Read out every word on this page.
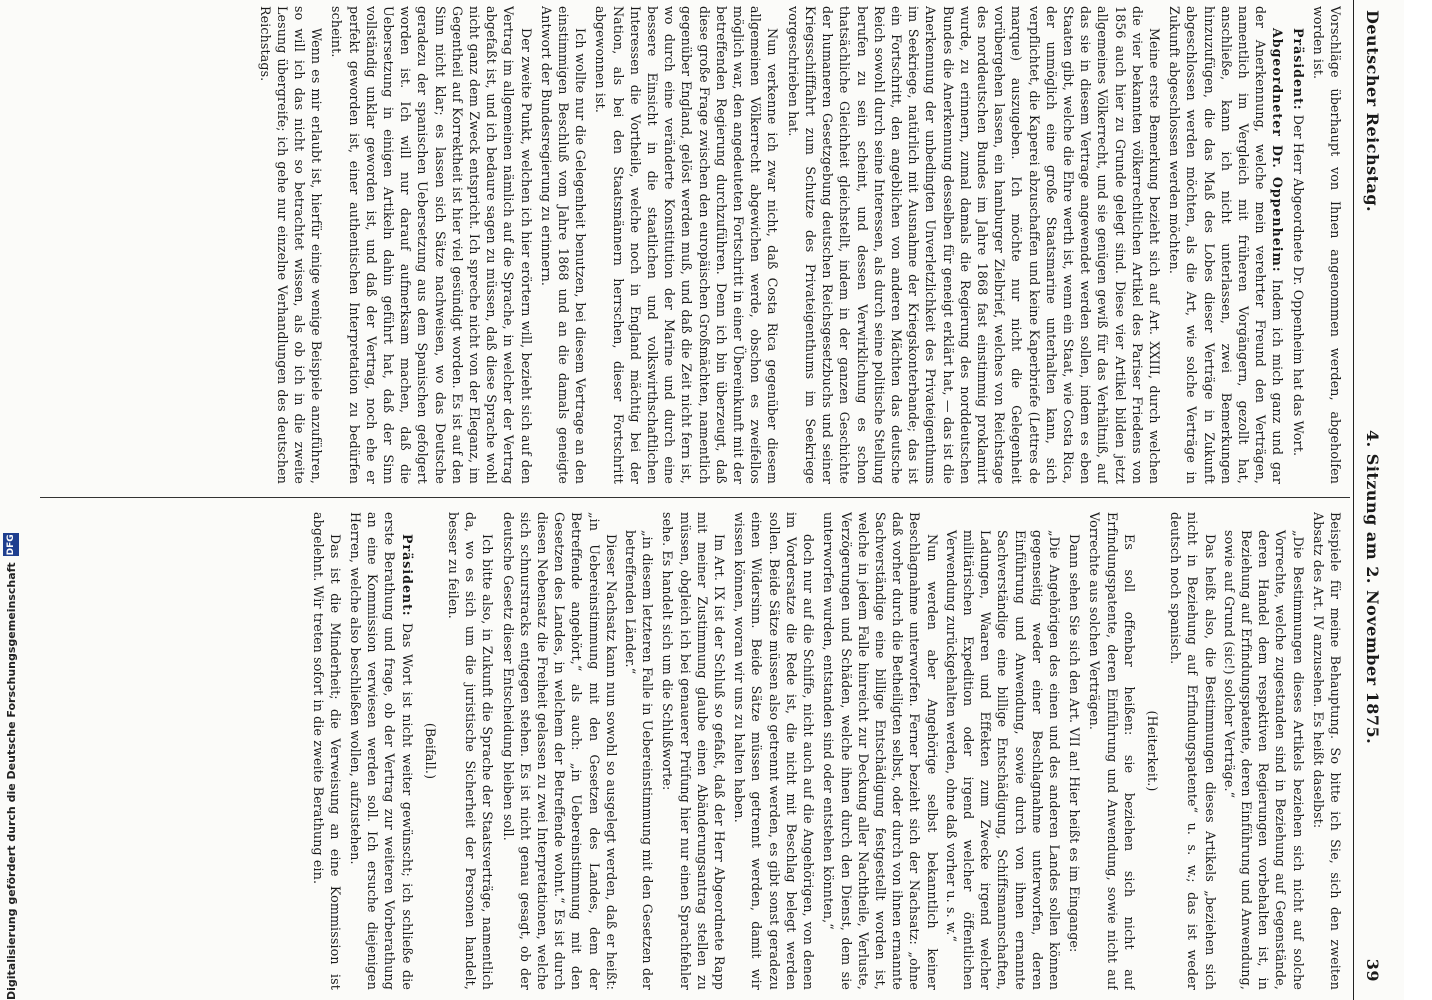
Deutscher Reichstag.
4. Sitzung am 2. November 1875.
39

Vorschläge überhaupt von Ihnen angenommen werden, abgeholfen worden ist.

Präsident: Der Herr Abgeordnete Dr. Oppenheim hat das Wort.

Abgeordneter Dr. Oppenheim: Indem ich mich ganz und gar der Anerkennung, welche mein verehrter Freund den Verträgen, namentlich im Vergleich mit früheren Vorgängern, gezollt hat, anschließe, kann ich nicht unterlassen, zwei Bemerkungen hinzuzufügen, die das Maß des Lobes dieser Verträge in Zukunft abgeschlossen werden möchten, als die Art, wie solche Verträge in Zukunft abgeschlossen werden möchten.

Meine erste Bemerkung bezieht sich auf Art. XXIII, durch welchen die vier bekannten völkerrechtlichen Artikel des Pariser Friedens von 1856 auch hier zu Grunde gelegt sind. Diese vier Artikel bilden jetzt allgemeines Völkerrecht, und sie genügen gewiß für das Verhältniß, auf das sie in diesem Vertrage angewendet werden sollen, indem es eben Staaten gibt, welche die Ehre werth ist, wenn ein Staat, wie Costa Rica, der unmöglich eine große Staatsmarine unterhalten kann, sich verpflichtet, die Kaperei abzuschaffen und keine Kaperbriefe (Lettres de marque) auszugeben. Ich möchte nur nicht die Gelegenheit vorübergehen lassen, ein hamburger Zielbrief, welches von Reichstage des norddeutschen Bundes im Jahre 1868 fast einstimmig proklamirt wurde, zu erinnern, zumal damals die Regierung des norddeutschen Bundes die Anerkennung desselben für geneigt erklärt hat, — das ist die Anerkennung der unbedingten Unverletzlichkeit des Privateigenthums im Seekriege, natürlich mit Ausnahme der Kriegskonterbande; das ist ein Fortschritt, den angeblichen von anderen Mächten das deutsche Reich sowohl durch seine Interessen, als durch seine politische Stellung berufen zu sein scheint, und dessen Verwirklichung es schon thatsächliche Gleichheit gleichstellt, indem in der ganzen Geschichte der humaneren Gesetzgebung deutschen Reichsgesetzbuchs und seiner Kriegsschifffahrt zum Schutze des Privateigenthums im Seekriege vorgeschrieben hat.

Nun verkenne ich zwar nicht, daß Costa Rica gegenüber diesem allgemeinen Völkerrecht abgewichen werde, obschon es zweifellos möglich war, den angedeuteten Fortschritt in einer Übereinkunft mit der betreffenden Regierung durchzuführen. Denn ich bin überzeugt, daß diese große Frage zwischen den europäischen Großmächten, namentlich gegenüber England, gelöst werden muß, und daß die Zeit nicht fern ist, wo durch eine veränderte Konstitution der Marine und durch eine bessere Einsicht in die staatlichen und volkswirthschaftlichen Interessen die Vortheile, welche noch in England mächtig bei der Nation, als bei den Staatsmännern herrschen, dieser Fortschritt abgewonnen ist.

Ich wollte nur die Gelegenheit benutzen, bei diesem Vertrage an den einstimmigen Beschluß vom Jahre 1868 und an die damals geneigte Antwort der Bundesregierung zu erinnern.

Der zweite Punkt, welchen ich hier erörtern will, bezieht sich auf den Vertrag im allgemeinen nämlich auf die Sprache, in welcher der Vertrag abgefaßt ist, und ich bedaure sagen zu müssen, daß diese Sprache wohl nicht ganz dem Zweck entspricht. Ich spreche nicht von der Eleganz, im Gegentheil auf Korrektheit ist hier viel gesündigt worden. Es ist auf den Sinn nicht klar; es lassen sich Sätze nachweisen, wo das Deutsche geradezu der spanischen Uebersetzung aus dem Spanischen gefolgert worden ist. Ich will nur darauf aufmerksam machen, daß die Uebersetzung in einigen Artikeln dahin geführt hat, daß der Sinn vollständig unklar geworden ist, und daß der Vertrag, noch ehe er perfekt geworden ist, einer authentischen Interpretation zu bedürfen scheint.

Wenn es mir erlaubt ist, hierfür einige wenige Beispiele anzuführen, so will ich das nicht so betrachtet wissen, als ob ich in die zweite Lesung übergreife; ich gehe nur einzelne Verhandlungen des deutschen Reichstags.

Beispiele für meine Behauptung. So bitte ich Sie, sich den zweiten Absatz des Art. IV anzusehen. Es heißt daselbst:

„Die Bestimmungen dieses Artikels beziehen sich nicht auf solche Vorrechte, welche zugestanden sind in Beziehung auf Gegenstände, deren Handel dem respektiven Regierungen vorbehalten ist, in Beziehung auf Erfindungspatente, deren Einführung und Anwendung, sowie auf Grund (sic!) solcher Verträge.“

Das heißt also, die Bestimmungen dieses Artikels „beziehen sich nicht in Beziehung auf Erfindungspatente“ u. s. w.; das ist weder deutsch noch spanisch.

(Heiterkeit.)

Es soll offenbar heißen: sie beziehen sich nicht auf Erfindungspatente, deren Einführung und Anwendung, sowie nicht auf Vorrechte aus solchen Verträgen.

Dann sehen Sie sich den Art. VII an! Hier heißt es im Eingange:

„Die Angehörigen des einen und des anderen Landes sollen können gegenseitig weder einer Beschlagnahme unterworfen, deren Einführung und Anwendung, sowie durch von ihnen ernannte Sachverständige eine billige Entschädigung, Schiffsmannschaften, Ladungen, Waaren und Effekten zum Zwecke irgend welcher militärischen Expedition oder irgend welcher öffentlichen Verwendung zurückgehalten werden, ohne daß vorher u. s. w.“

Nun werden aber Angehörige selbst bekanntlich keiner Beschlagnahme unterworfen. Ferner bezieht sich der Nachsatz: „ohne daß vorher durch die Betheiligten selbst, oder durch von ihnen ernannte Sachverständige eine billige Entschädigung festgestellt worden ist, welche in jedem Falle hinreicht zur Deckung aller Nachtheile, Verluste, Verzögerungen und Schäden, welche ihnen durch den Dienst, dem sie unterworfen wurden, entstanden sind oder entstehen könnten,“

doch nur auf die Schiffe, nicht auch auf die Angehörigen, von denen im Vordersatze die Rede ist, die nicht mit Beschlag belegt werden sollen. Beide Sätze müssen also getrennt werden, es gibt sonst geradezu einen Widersinn. Beide Sätze müssen getrennt werden, damit wir wissen können, woran wir uns zu halten haben.

Im Art. IX ist der Schluß so gefaßt, daß der Herr Abgeordnete Rapp mit meiner Zustimmung glaube einen Abänderungsantrag stellen zu müssen, obgleich ich bei genauerer Prüfung hier nur einen Sprachfehler sehe. Es handelt sich um die Schlußworte:

„in diesem letzteren Falle in Uebereinstimmung mit den Gesetzen der betreffenden Länder.“

Dieser Nachsatz kann nun sowohl so ausgelegt werden, daß er heißt: „in Uebereinstimmung mit den Gesetzen des Landes, dem der Betreffende angehört,“ als auch: „in Uebereinstimmung mit den Gesetzen des Landes, in welchem der Betreffende wohnt.“ Es ist durch diesen Nebensatz die Freiheit gelassen zu zwei Interpretationen, welche sich schnurstracks entgegen stehen. Es ist nicht genau gesagt, ob der deutsche Gesetz dieser Entscheidung bleiben soll.

Ich bitte also, in Zukunft die Sprache der Staatsverträge, namentlich da, wo es sich um die juristische Sicherheit der Personen handelt, besser zu feilen.

(Beifall.)

Präsident: Das Wort ist nicht weiter gewünscht; ich schließe die erste Berathung und frage, ob der Vertrag zur weiteren Vorberathung an eine Kommission verwiesen werden soll. Ich ersuche diejenigen Herren, welche also beschließen wollen, aufzustehen.

Das ist die Minderheit; die Verweisung an eine Kommission ist abgelehnt. Wir treten sofort in die zweite Berathung ein.

Digitalisierung gefördert durch die Deutsche Forschungsgemeinschaft
DFG
